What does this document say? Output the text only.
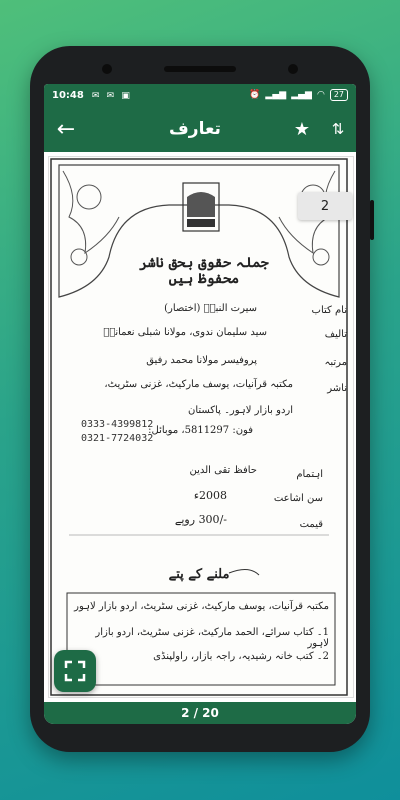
10:48 ✉ ✉ ▣	⏰ ▂▄▆ ▂▄▆ ◠	27
←	تعارف	★	⇅
جملہ حقوق بحق ناشر محفوظ ہیں
نام کتاب
سیرت النبیؐ (اختصار)
تالیف
سید سلیمان ندوی، مولانا شبلی نعمانیؒ
مرتبہ
پروفیسر مولانا محمد رفیق
ناشر
مکتبہ قرآنیات، یوسف مارکیٹ، غزنی سٹریٹ،
اردو بازار لاہور۔ پاکستان
فون: 5811297، موبائل:
0333-4399812
0321-7724032
اہتمام
حافظ تقی الدین
سن اشاعت
2008ء
قیمت
-/300 روپے
ملنے کے پتے
مکتبہ قرآنیات، یوسف مارکیٹ، غزنی سٹریٹ، اردو بازار لاہور
1۔ کتاب سرائے، الحمد مارکیٹ، غزنی سٹریٹ، اردو بازار لاہور
2۔ کتب خانہ رشیدیہ، راجہ بازار، راولپنڈی
2
2 / 20
